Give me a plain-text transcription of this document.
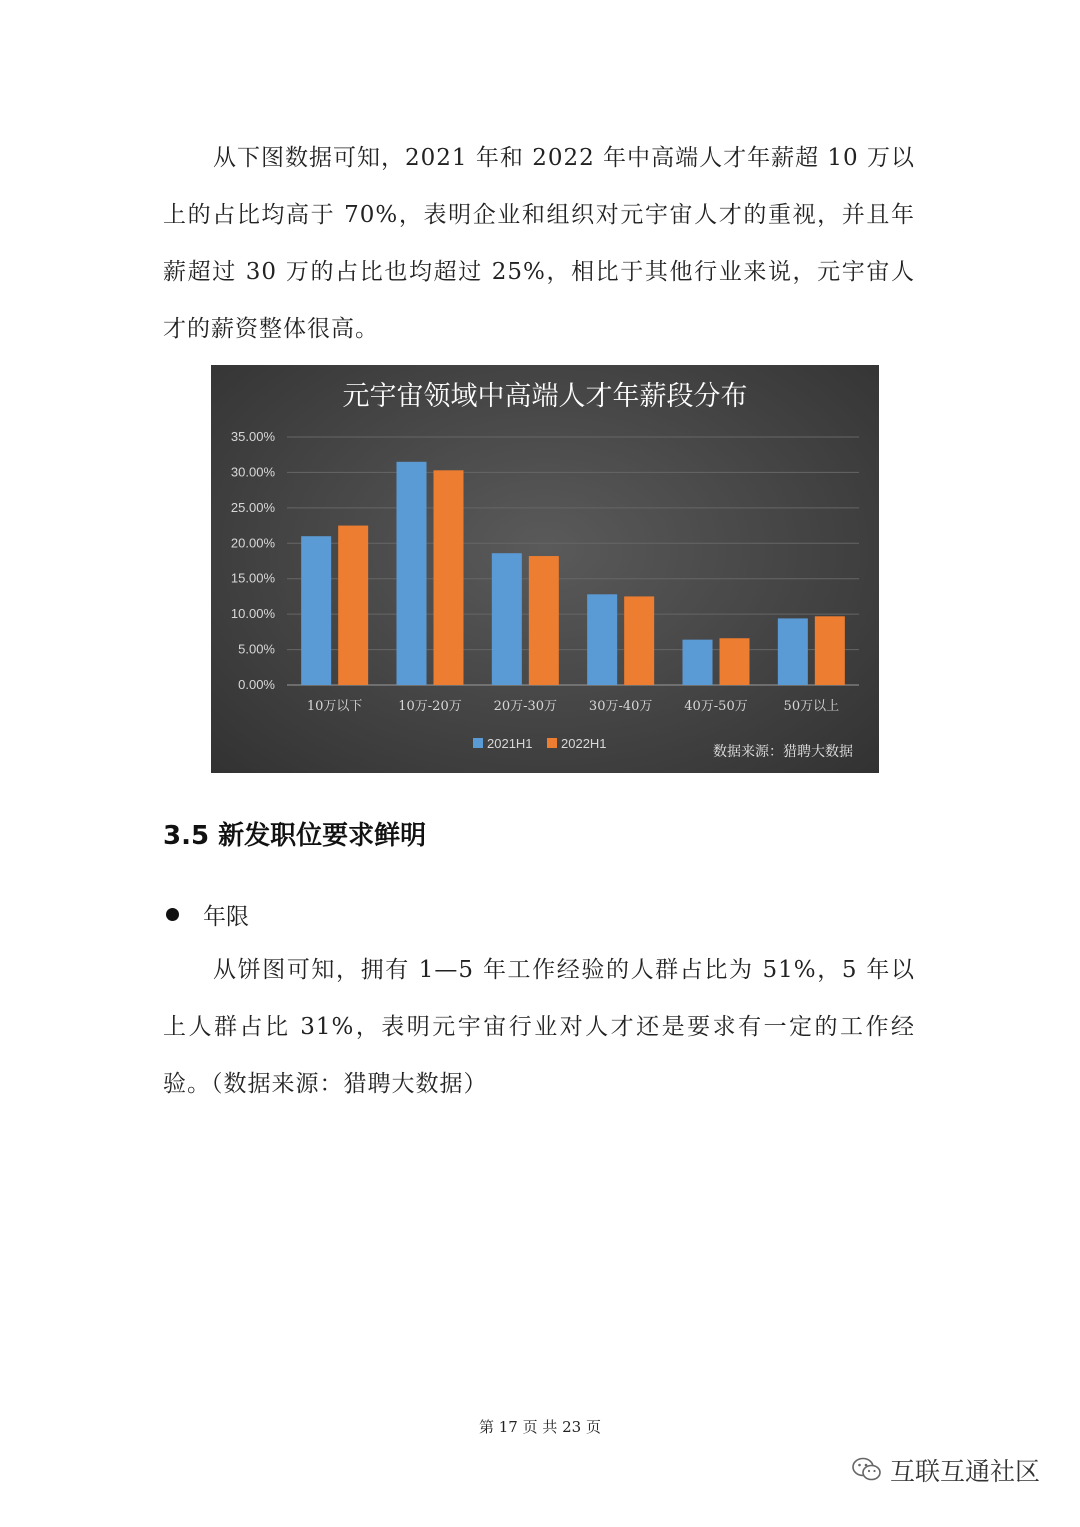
从下图数据可知，2021 年和 2022 年中高端人才年薪超 10 万以上的占比均高于 70%，表明企业和组织对元宇宙人才的重视，并且年薪超过 30 万的占比也均超过 25%，相比于其他行业来说，元宇宙人才的薪资整体很高。

元宇宙领域中高端人才年薪段分布
0.00%
5.00%
10.00%
15.00%
20.00%
25.00%
30.00%
35.00%
10万以下	10万-20万 20万-30万 30万-40万 40万-50万	50万以上
2021H1 2022H1
数据来源：猎聘大数据
3.5 新发职位要求鲜明
年限

从饼图可知，拥有 1—5 年工作经验的人群占比为 51%，5 年以上人群占比 31%，表明元宇宙行业对人才还是要求有一定的工作经验。（数据来源：猎聘大数据）

第 17 页 共 23 页
互联互通社区
